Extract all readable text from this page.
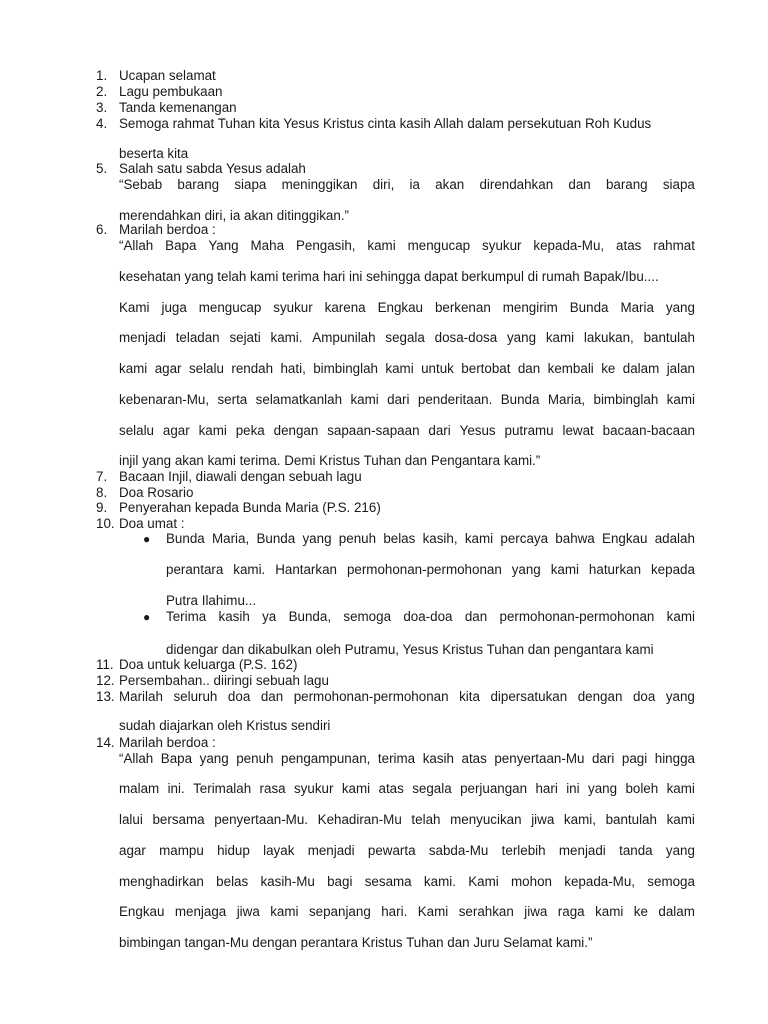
1. Ucapan selamat
2. Lagu pembukaan
3. Tanda kemenangan
4. Semoga rahmat Tuhan kita Yesus Kristus cinta kasih Allah dalam persekutuan Roh Kudus
beserta kita
5. Salah satu sabda Yesus adalah
“Sebab barang siapa meninggikan diri, ia akan direndahkan dan barang siapa
merendahkan diri, ia akan ditinggikan.”
6. Marilah berdoa :
“Allah Bapa Yang Maha Pengasih, kami mengucap syukur kepada-Mu, atas rahmat
kesehatan yang telah kami terima hari ini sehingga dapat berkumpul di rumah Bapak/Ibu....
Kami juga mengucap syukur karena Engkau berkenan mengirim Bunda Maria yang
menjadi teladan sejati kami. Ampunilah segala dosa-dosa yang kami lakukan, bantulah
kami agar selalu rendah hati, bimbinglah kami untuk bertobat dan kembali ke dalam jalan
kebenaran-Mu, serta selamatkanlah kami dari penderitaan. Bunda Maria, bimbinglah kami
selalu agar kami peka dengan sapaan-sapaan dari Yesus putramu lewat bacaan-bacaan
injil yang akan kami terima. Demi Kristus Tuhan dan Pengantara kami.”
7. Bacaan Injil, diawali dengan sebuah lagu
8. Doa Rosario
9. Penyerahan kepada Bunda Maria (P.S. 216)
10. Doa umat :
● Bunda Maria, Bunda yang penuh belas kasih, kami percaya bahwa Engkau adalah
perantara kami. Hantarkan permohonan-permohonan yang kami haturkan kepada
Putra Ilahimu...
● Terima kasih ya Bunda, semoga doa-doa dan permohonan-permohonan kami
didengar dan dikabulkan oleh Putramu, Yesus Kristus Tuhan dan pengantara kami
11. Doa untuk keluarga (P.S. 162)
12. Persembahan.. diiringi sebuah lagu
13. Marilah seluruh doa dan permohonan-permohonan kita dipersatukan dengan doa yang
sudah diajarkan oleh Kristus sendiri
14. Marilah berdoa :
“Allah Bapa yang penuh pengampunan, terima kasih atas penyertaan-Mu dari pagi hingga
malam ini. Terimalah rasa syukur kami atas segala perjuangan hari ini yang boleh kami
lalui bersama penyertaan-Mu. Kehadiran-Mu telah menyucikan jiwa kami, bantulah kami
agar mampu hidup layak menjadi pewarta sabda-Mu terlebih menjadi tanda yang
menghadirkan belas kasih-Mu bagi sesama kami. Kami mohon kepada-Mu, semoga
Engkau menjaga jiwa kami sepanjang hari. Kami serahkan jiwa raga kami ke dalam
bimbingan tangan-Mu dengan perantara Kristus Tuhan dan Juru Selamat kami.”
